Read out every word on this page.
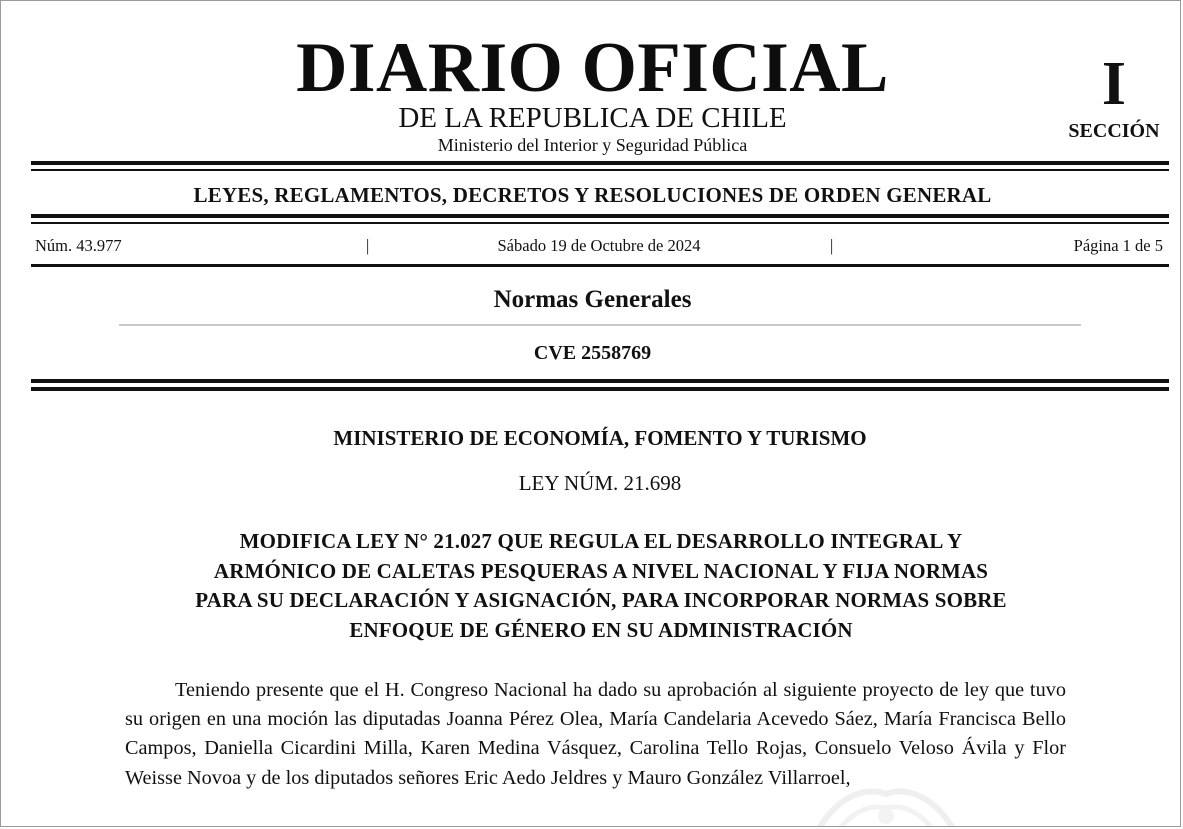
DIARIO OFICIAL
DE LA REPUBLICA DE CHILE
Ministerio del Interior y Seguridad Pública
I
SECCIÓN
LEYES, REGLAMENTOS, DECRETOS Y RESOLUCIONES DE ORDEN GENERAL
Núm. 43.977	|	Sábado 19 de Octubre de 2024	|	Página 1 de 5
Normas Generales
CVE 2558769
MINISTERIO DE ECONOMÍA, FOMENTO Y TURISMO
LEY NÚM. 21.698
MODIFICA LEY N° 21.027 QUE REGULA EL DESARROLLO INTEGRAL Y
ARMÓNICO DE CALETAS PESQUERAS A NIVEL NACIONAL Y FIJA NORMAS
PARA SU DECLARACIÓN Y ASIGNACIÓN, PARA INCORPORAR NORMAS SOBRE
ENFOQUE DE GÉNERO EN SU ADMINISTRACIÓN
Teniendo presente que el H. Congreso Nacional ha dado su aprobación al siguiente proyecto de ley que tuvo su origen en una moción las diputadas Joanna Pérez Olea, María Candelaria Acevedo Sáez, María Francisca Bello Campos, Daniella Cicardini Milla, Karen Medina Vásquez, Carolina Tello Rojas, Consuelo Veloso Ávila y Flor Weisse Novoa y de los diputados señores Eric Aedo Jeldres y Mauro González Villarroel,
